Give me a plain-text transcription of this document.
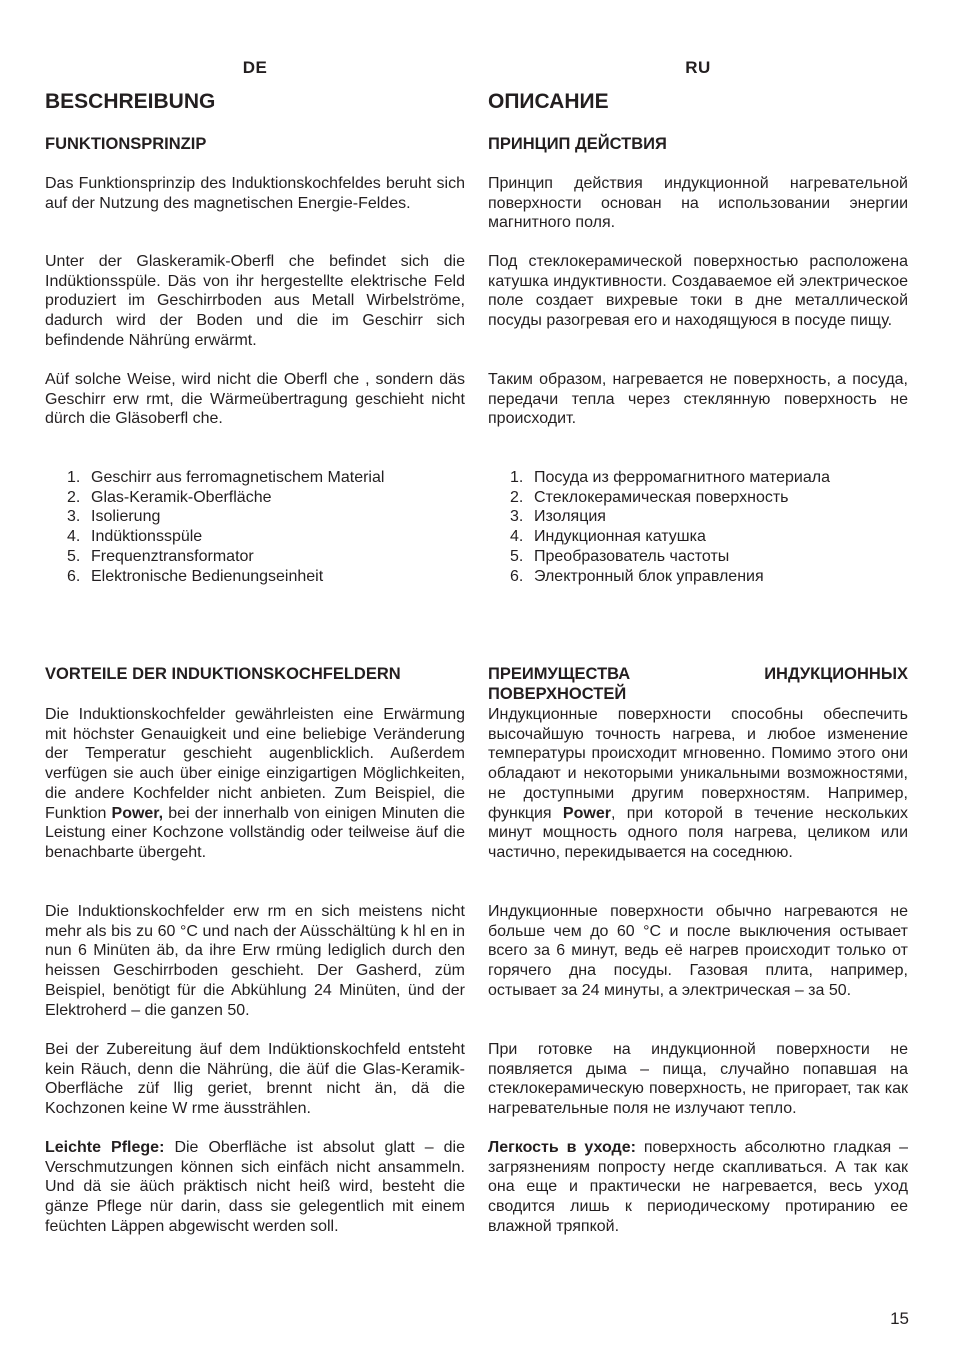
DE
BESCHREIBUNG
FUNKTIONSPRINZIP

Das Funktionsprinzip des Induktionskochfeldes beruht sich auf der Nutzung des magnetischen Energie-Feldes.

Unter der Glaskeramik-Oberfl che befindet sich die Indüktionsspüle. Däs von ihr hergestellte elektrische Feld produziert im Geschirrboden aus Metall Wirbelströme, dadurch wird der Boden und die im Geschirr sich befindende Nährüng erwärmt.

Aüf solche Weise, wird nicht die Oberfl che , sondern däs Geschirr erw rmt, die Wärmeübertragung geschieht nicht dürch die Gläsoberfl che.

1. Geschirr aus ferromagnetischem Material
2. Glas-Keramik-Oberfläche
3. Isolierung
4. Indüktionsspüle
5. Frequenztransformator
6. Elektronische Bedienungseinheit
VORTEILE DER INDUKTIONSKOCHFELDERN

Die Induktionskochfelder gewährleisten eine Erwärmung mit höchster Genauigkeit und eine beliebige Veränderung der Temperatur geschieht augenblicklich. Außerdem verfügen sie auch über einige einzigartigen Möglichkeiten, die andere Kochfelder nicht anbieten. Zum Beispiel, die Funktion Power, bei der innerhalb von einigen Minuten die Leistung einer Kochzone vollständig oder teilweise äuf die benachbarte übergeht.

Die Induktionskochfelder erw rm en sich meistens nicht mehr als bis zu 60 °C und nach der Aüsschältüng k hl en in nun 6 Minüten äb, da ihre Erw rmüng lediglich durch den heissen Geschirrboden geschieht. Der Gasherd, züm Beispiel, benötigt für die Abkühlung 24 Minüten, ünd der Elektroherd – die ganzen 50.

Bei der Zubereitung äuf dem Indüktionskochfeld entsteht kein Räuch, denn die Nährüng, die äüf die Glas-Keramik-Oberfläche züf llig geriet, brennt nicht än, dä die Kochzonen keine W rme äusstrählen.

Leichte Pflege: Die Oberfläche ist absolut glatt – die Verschmutzungen können sich einfäch nicht ansammeln. Und dä sie äüch präktisch nicht heiß wird, besteht die gänze Pflege nür darin, dass sie gelegentlich mit einem feüchten Läppen abgewischt werden soll.

RU
ОПИСАНИЕ
ПРИНЦИП ДЕЙСТВИЯ

Принцип действия индукционной нагревательной поверхности основан на использовании энергии магнитного поля.

Под стеклокерамической поверхностью расположена катушка индуктивности. Создаваемое ей электрическое поле создает вихревые токи в дне металлической посуды разогревая его и находящуюся в посуде пищу.

Таким образом, нагревается не поверхность, а посуда, передачи тепла через стеклянную поверхность не происходит.

1. Посуда из ферромагнитного материала
2. Стеклокерамическая поверхность
3. Изоляция
4. Индукционная катушка
5. Преобразователь частоты
6. Электронный блок управления
ПРЕИМУЩЕСТВА ИНДУКЦИОННЫХ
ПОВЕРХНОСТЕЙ

Индукционные поверхности способны обеспечить высочайшую точность нагрева, и любое изменение температуры происходит мгновенно. Помимо этого они обладают и некоторыми уникальными возможностями, не доступными другим поверхностям. Например, функция Power, при которой в течение нескольких минут мощность одного поля нагрева, целиком или частично, перекидывается на соседнюю.

Индукционные поверхности обычно нагреваются не больше чем до 60 °C и после выключения остывает всего за 6 минут, ведь её нагрев происходит только от горячего дна посуды. Газовая плита, например, остывает за 24 минуты, а электрическая – за 50.

При готовке на индукционной поверхности не появляется дыма – пища, случайно попавшая на стеклокерамическую поверхность, не пригорает, так как нагревательные поля не излучают тепло.

Легкость в уходе: поверхность абсолютно гладкая – загрязнениям попросту негде скапливаться. А так как она еще и практически не нагревается, весь уход сводится лишь к периодическому протиранию ее влажной тряпкой.

15
